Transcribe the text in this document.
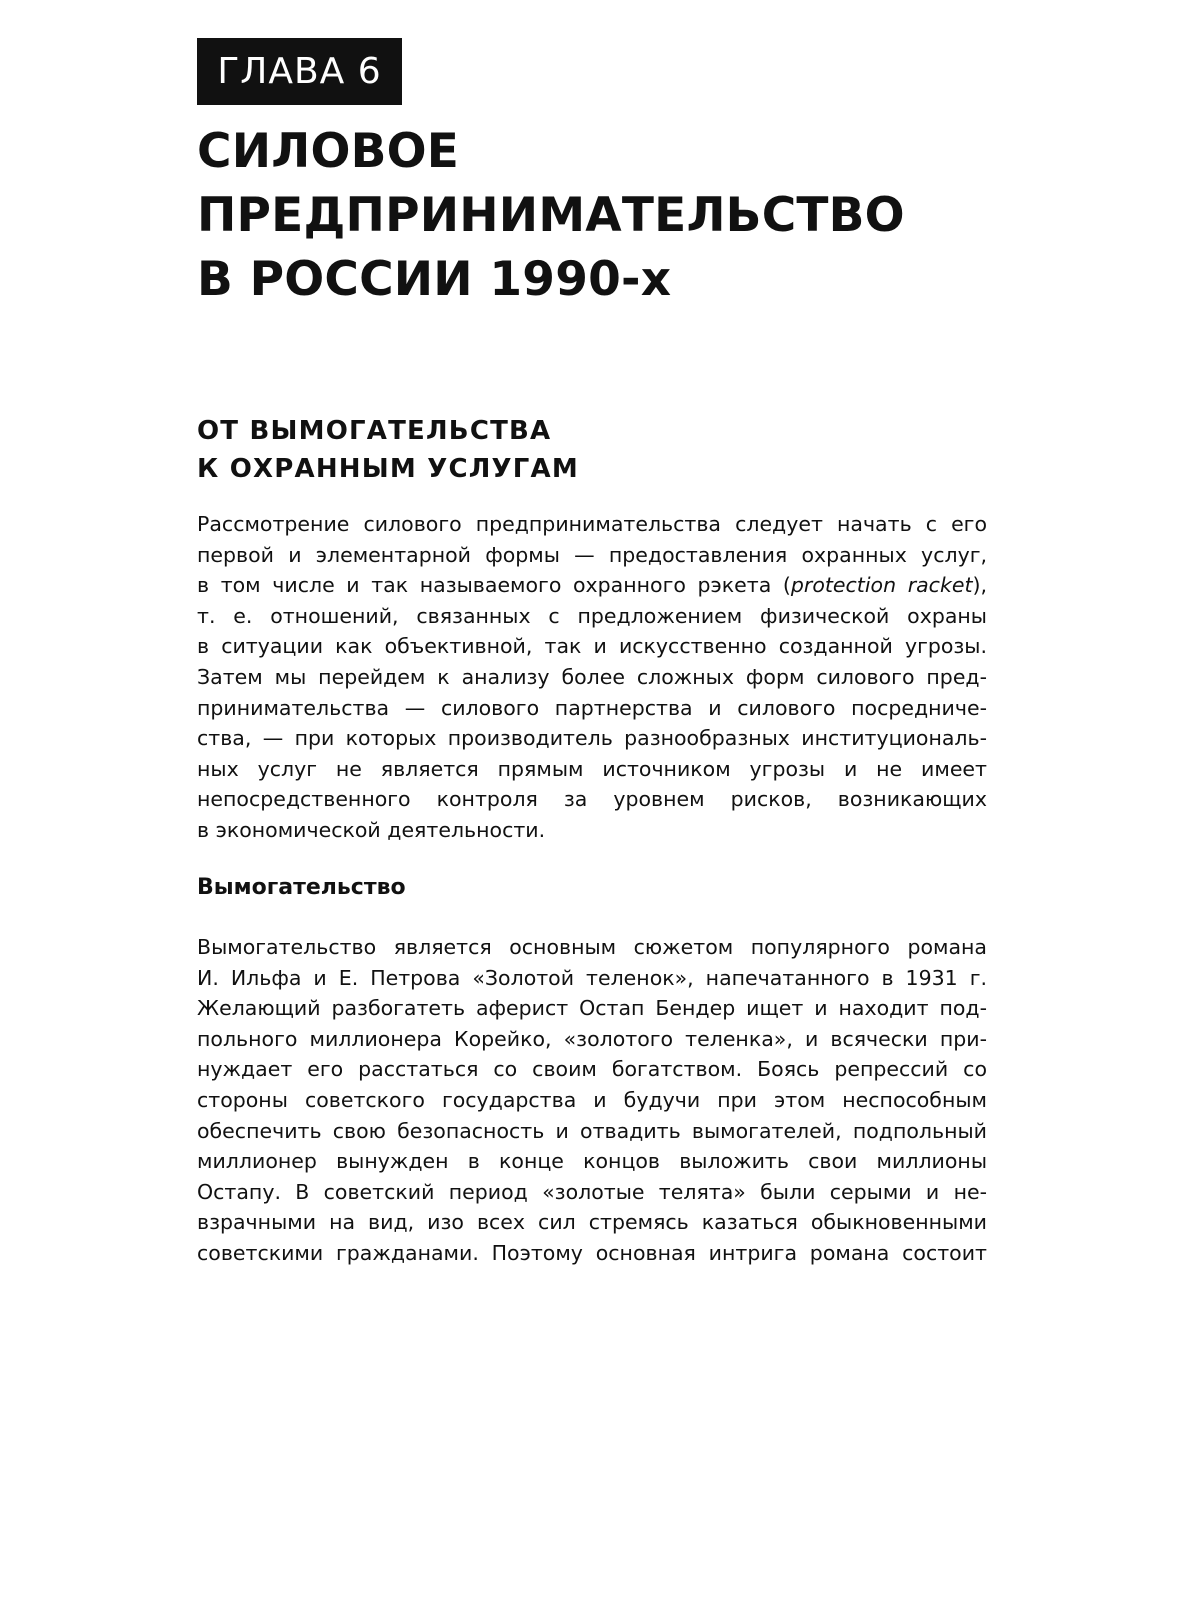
ГЛАВА 6
СИЛОВОЕ
ПРЕДПРИНИМАТЕЛЬСТВО
В РОССИИ 1990-х
ОТ ВЫМОГАТЕЛЬСТВА
К ОХРАННЫМ УСЛУГАМ
Рассмотрение силового предпринимательства следует начать с его
первой и элементарной формы — предоставления охранных услуг,
в том числе и так называемого охранного рэкета (protection racket),
т. е. отношений, связанных с предложением физической охраны
в ситуации как объективной, так и искусственно созданной угрозы.
Затем мы перейдем к анализу более сложных форм силового пред-
принимательства — силового партнерства и силового посредниче-
ства, — при которых производитель разнообразных институциональ-
ных услуг не является прямым источником угрозы и не имеет
непосредственного контроля за уровнем рисков, возникающих
в экономической деятельности.
Вымогательство
Вымогательство является основным сюжетом популярного романа
И. Ильфа и Е. Петрова «Золотой теленок», напечатанного в 1931 г.
Желающий разбогатеть аферист Остап Бендер ищет и находит под-
польного миллионера Корейко, «золотого теленка», и всячески при-
нуждает его расстаться со своим богатством. Боясь репрессий со
стороны советского государства и будучи при этом неспособным
обеспечить свою безопасность и отвадить вымогателей, подпольный
миллионер вынужден в конце концов выложить свои миллионы
Остапу. В советский период «золотые телята» были серыми и не-
взрачными на вид, изо всех сил стремясь казаться обыкновенными
советскими гражданами. Поэтому основная интрига романа состоит
